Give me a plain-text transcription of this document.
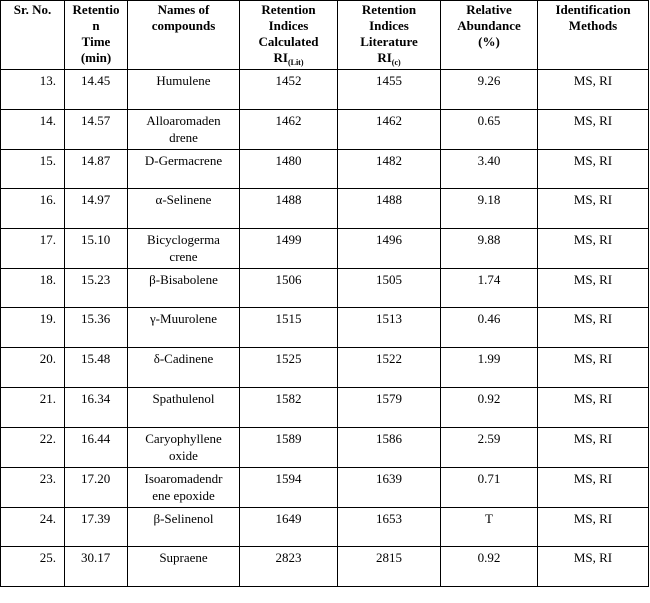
Sr. No.	Retentio
n
Time
(min)	Names of
compounds	Retention
Indices
Calculated
$RI_{(Lit)}$	Retention
Indices
Literature
$RI_{(c)}$	Relative
Abundance
(%)	Identification
Methods
13.	14.45	Humulene	1452	1455	9.26	MS, RI
14.	14.57	Alloaromaden
drene	1462	1462	0.65	MS, RI
15.	14.87	D-Germacrene	1480	1482	3.40	MS, RI
16.	14.97	α-Selinene	1488	1488	9.18	MS, RI
17.	15.10	Bicyclogerma
crene	1499	1496	9.88	MS, RI
18.	15.23	β-Bisabolene	1506	1505	1.74	MS, RI
19.	15.36	γ-Muurolene	1515	1513	0.46	MS, RI
20.	15.48	δ-Cadinene	1525	1522	1.99	MS, RI
21.	16.34	Spathulenol	1582	1579	0.92	MS, RI
22.	16.44	Caryophyllene
oxide	1589	1586	2.59	MS, RI
23.	17.20	Isoaromadendr
ene epoxide	1594	1639	0.71	MS, RI
24.	17.39	β-Selinenol	1649	1653	T	MS, RI
25.	30.17	Supraene	2823	2815	0.92	MS, RI
